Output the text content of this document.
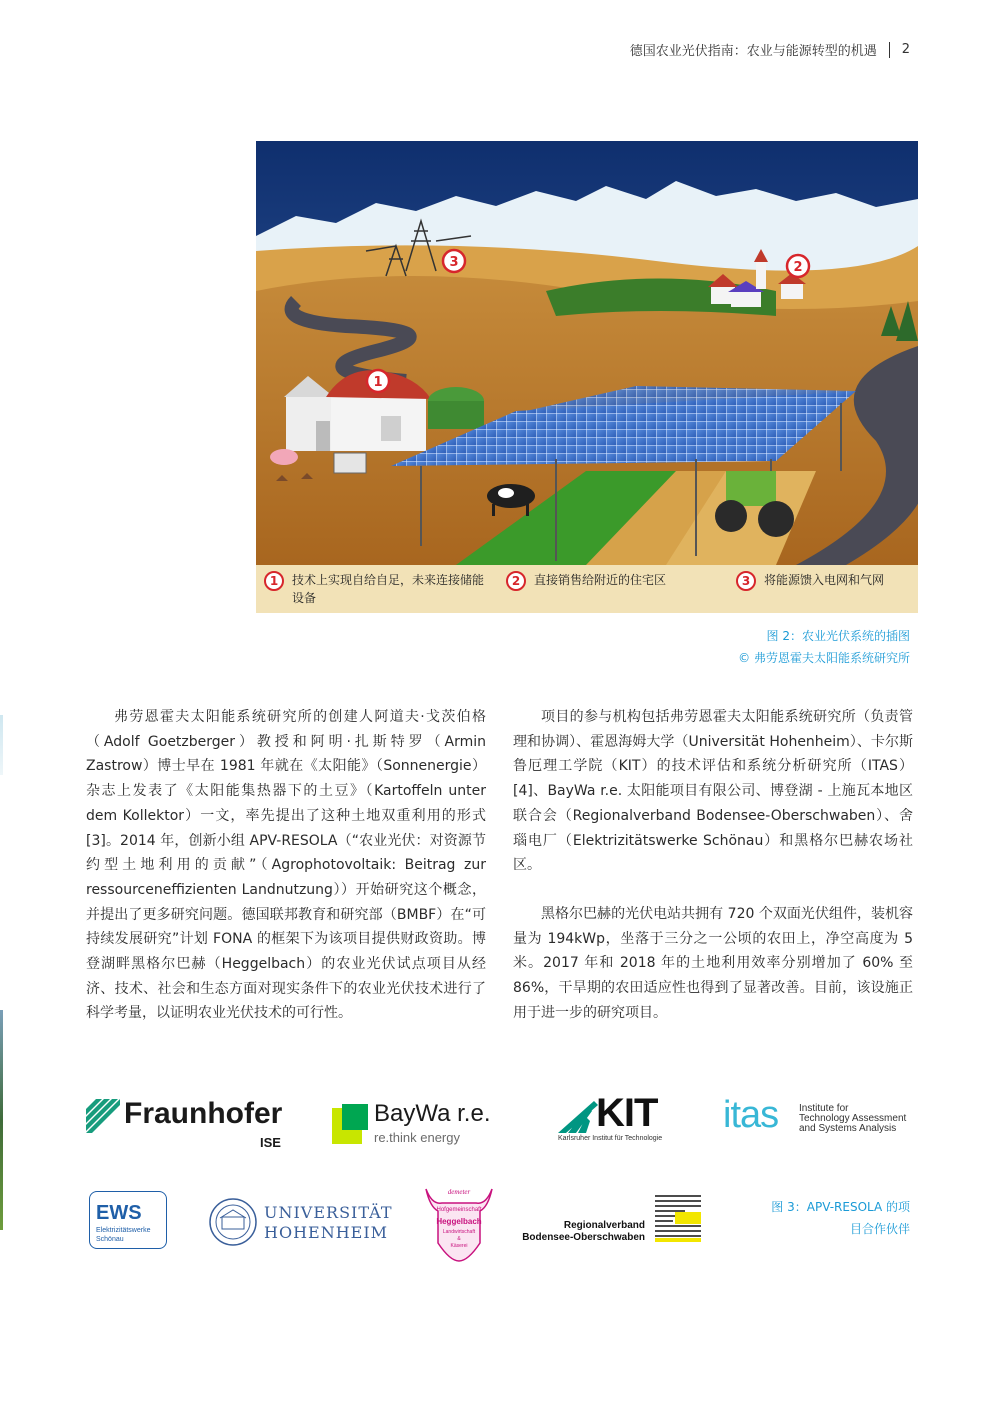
德国农业光伏指南：农业与能源转型的机遇 2
1
2
3
1	技术上实现自给自足，未来连接储能设备
2	直接销售给附近的住宅区	3	将能源馈入电网和气网
图 2：农业光伏系统的插图
© 弗劳恩霍夫太阳能系统研究所

弗劳恩霍夫太阳能系统研究所的创建人阿道夫·戈茨伯格（Adolf Goetzberger）教授和阿明·扎斯特罗（Armin Zastrow）博士早在 1981 年就在《太阳能》（Sonnenergie）杂志上发表了《太阳能集热器下的土豆》（Kartoffeln unter dem Kollektor）一文，率先提出了这种土地双重利用的形式 [3]。2014 年，创新小组 APV-RESOLA（“农业光伏：对资源节约型土地利用的贡献”（Agrophotovoltaik: Beitrag zur ressourceneffizienten Landnutzung））开始研究这个概念，并提出了更多研究问题。德国联邦教育和研究部（BMBF）在“可持续发展研究”计划 FONA 的框架下为该项目提供财政资助。博登湖畔黑格尔巴赫（Heggelbach）的农业光伏试点项目从经济、技术、社会和生态方面对现实条件下的农业光伏技术进行了科学考量，以证明农业光伏技术的可行性。

项目的参与机构包括弗劳恩霍夫太阳能系统研究所（负责管理和协调）、霍恩海姆大学（Universität Hohenheim）、卡尔斯鲁厄理工学院（KIT）的技术评估和系统分析研究所（ITAS）[4]、BayWa r.e. 太阳能项目有限公司、博登湖 - 上施瓦本地区联合会（Regionalverband Bodensee-Oberschwaben）、舍瑙电厂（Elektrizitätswerke Schönau）和黑格尔巴赫农场社区。

黑格尔巴赫的光伏电站共拥有 720 个双面光伏组件，装机容量为 194kWp，坐落于三分之一公顷的农田上，净空高度为 5 米。2017 年和 2018 年的土地利用效率分别增加了 60% 至 86%，干旱期的农田适应性也得到了显著改善。目前，该设施正用于进一步的研究项目。

Fraunhofer
ISE
BayWa r.e.
re.think energy
KIT
Karlsruher Institut für Technologie
itas Institute for
Technology Assessment
and Systems Analysis
EWS
Elektrizitätswerke
Schönau
UNIVERSITÄT
HOHENHEIM
demeter
Hofgemeinschaft
Heggelbach
Landwirtschaft
&
Käserei
Regionalverband
Bodensee-Oberschwaben
图 3：APV-RESOLA 的项
目合作伙伴
